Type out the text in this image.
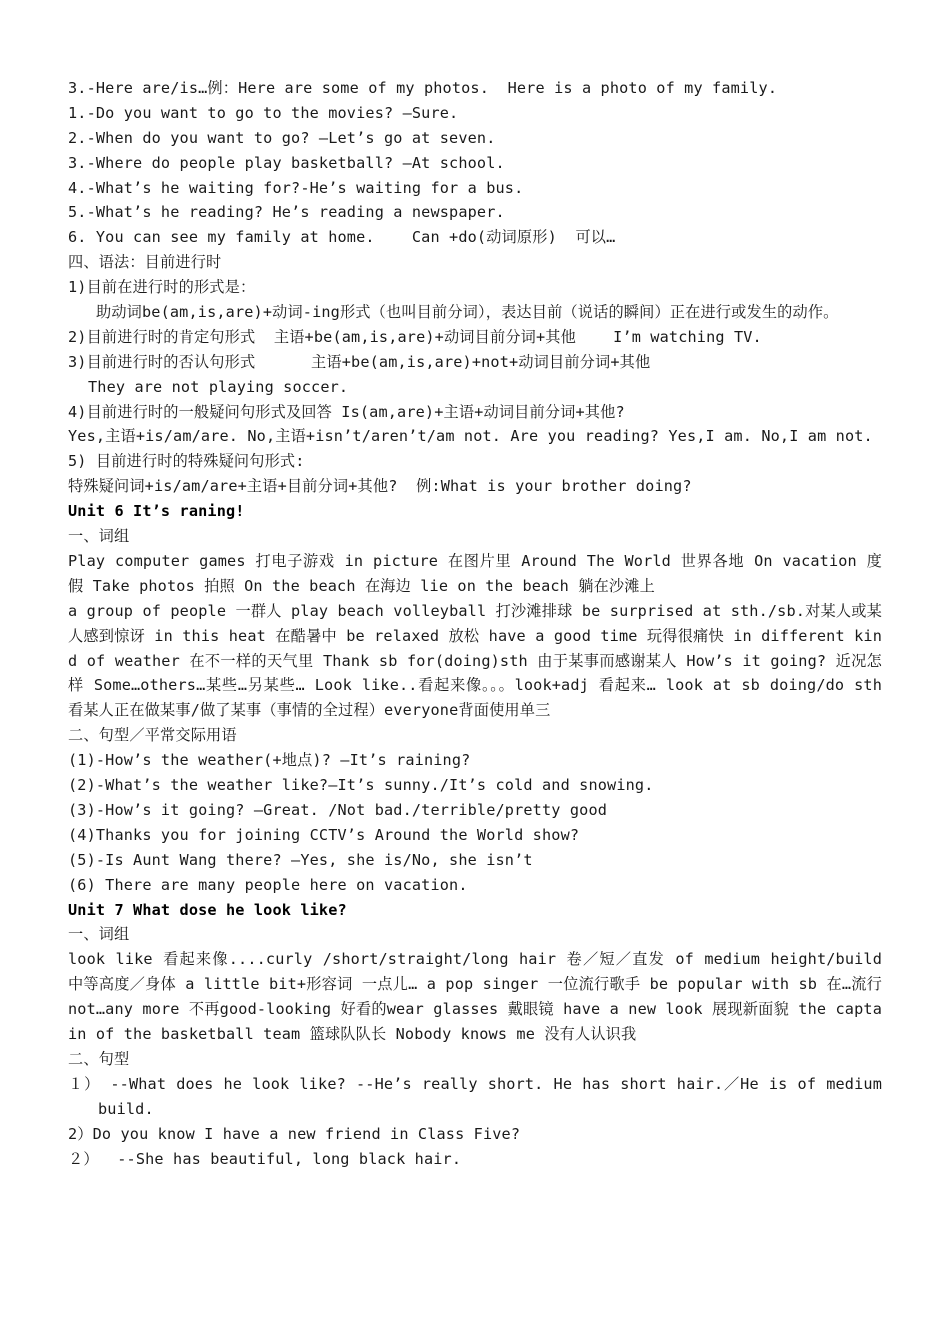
3.-Here are/is…例：Here are some of my photos.  Here is a photo of my family.
1.-Do you want to go to the movies? –Sure.
2.-When do you want to go? –Let’s go at seven.
3.-Where do people play basketball? –At school.
4.-What’s he waiting for?-He’s waiting for a bus.
5.-What’s he reading? He’s reading a newspaper.
6. You can see my family at home.    Can +do(动词原形)  可以…
四、语法：目前进行时
1)目前在进行时的形式是：
助动词be(am,is,are)+动词-ing形式（也叫目前分词），表达目前（说话的瞬间）正在进行或发生的动作。
2)目前进行时的肯定句形式  主语+be(am,is,are)+动词目前分词+其他    I’m watching TV.
3)目前进行时的否认句形式      主语+be(am,is,are)+not+动词目前分词+其他
They are not playing soccer.
4)目前进行时的一般疑问句形式及回答 Is(am,are)+主语+动词目前分词+其他?
Yes,主语+is/am/are. No,主语+isn’t/aren’t/am not. Are you reading? Yes,I am. No,I am not.
5) 目前进行时的特殊疑问句形式:
特殊疑问词+is/am/are+主语+目前分词+其他?  例:What is your brother doing?
Unit 6 It’s raning!
一、词组
Play computer games 打电子游戏 in picture 在图片里 Around The World 世界各地 On vacation 度假 Take photos 拍照 On the beach 在海边 lie on the beach 躺在沙滩上
a group of people 一群人 play beach volleyball 打沙滩排球 be surprised at sth./sb.对某人或某人感到惊讶 in this heat 在酷暑中 be relaxed 放松 have a good time 玩得很痛快 in different kind of weather 在不一样的天气里 Thank sb for(doing)sth 由于某事而感谢某人 How’s it going? 近况怎样 Some…others…某些…另某些… Look like..看起来像。。。look+adj 看起来… look at sb doing/do sth 看某人正在做某事/做了某事（事情的全过程）everyone背面使用单三
二、句型／平常交际用语
(1)-How’s the weather(+地点)? –It’s raining?
(2)-What’s the weather like?—It’s sunny./It’s cold and snowing.
(3)-How’s it going? –Great. /Not bad./terrible/pretty good
(4)Thanks you for joining CCTV’s Around the World show?
(5)-Is Aunt Wang there? –Yes, she is/No, she isn’t
(6) There are many people here on vacation.
Unit 7 What dose he look like?
一、词组
look like 看起来像....curly /short/straight/long hair 卷／短／直发 of medium height/build 中等高度／身体 a little bit+形容词 一点儿… a pop singer 一位流行歌手 be popular with sb 在…流行 not…any more 不再good-looking 好看的wear glasses 戴眼镜 have a new look 展现新面貌 the captain of the basketball team 篮球队队长 Nobody knows me 没有人认识我
二、句型
１） --What does he look like? --He’s really short. He has short hair.／He is of medium build.
2）Do you know I have a new friend in Class Five?
２）  --She has beautiful, long black hair.
